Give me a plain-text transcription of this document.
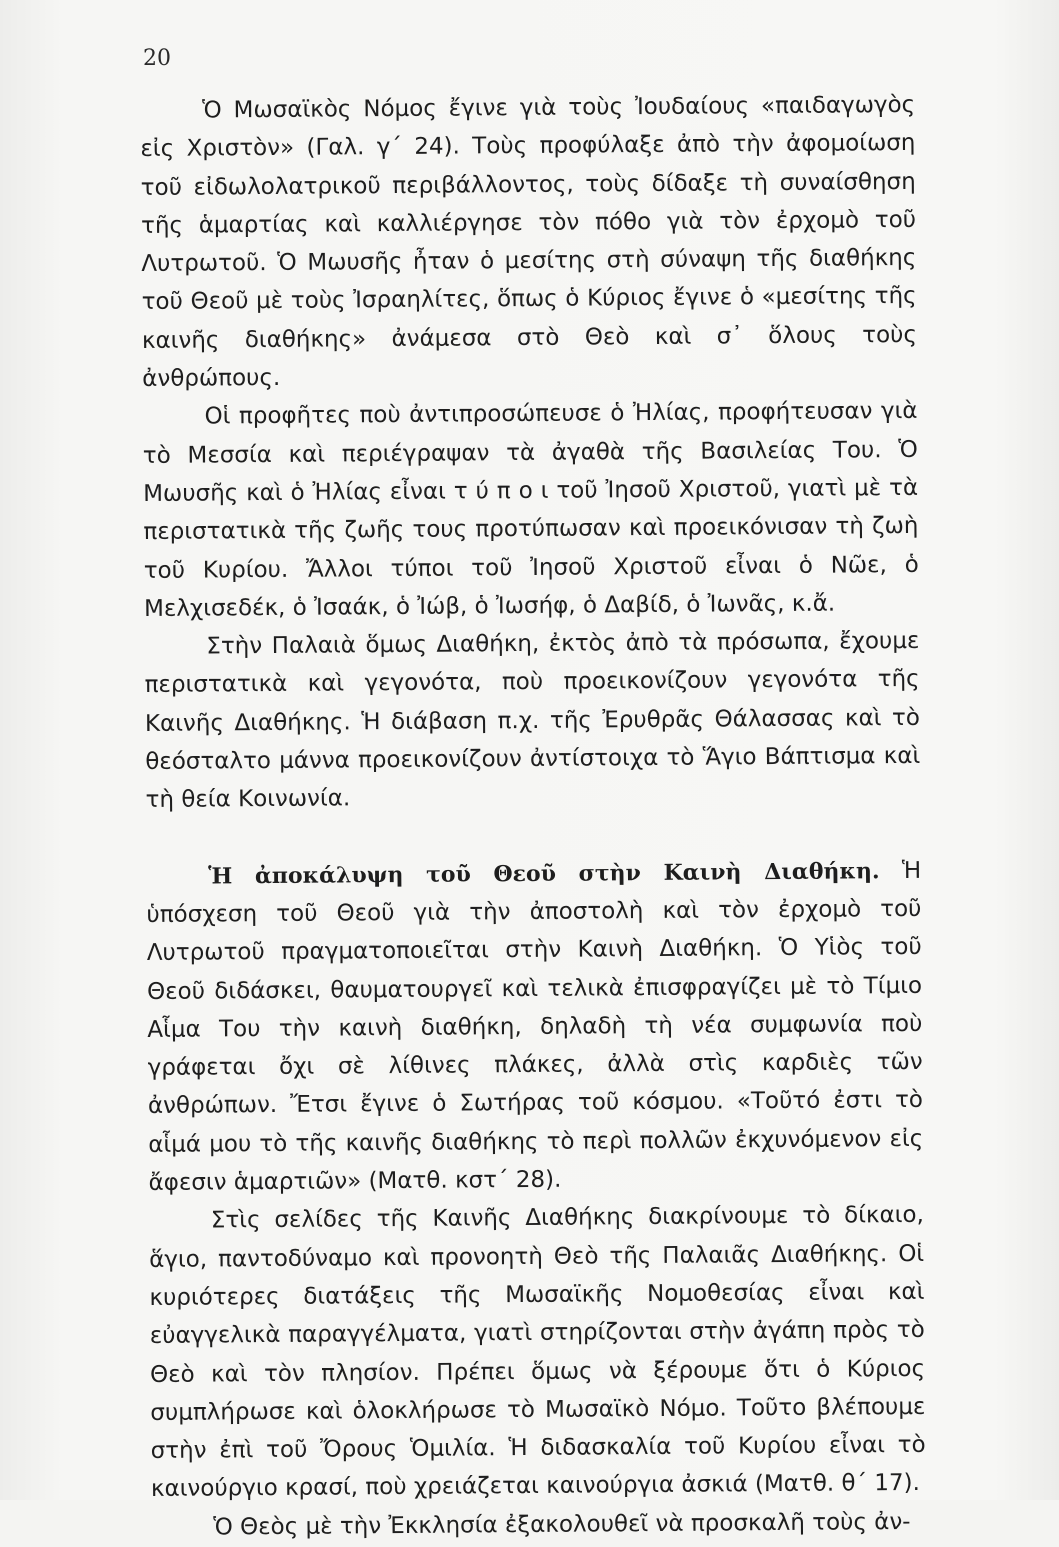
20

Ὁ Μωσαϊκὸς Νόμος ἔγινε γιὰ τοὺς Ἰουδαίους «παιδαγωγὸς εἰς Χριστὸν» (Γαλ. γ΄ 24). Τοὺς προφύλαξε ἀπὸ τὴν ἀφομοίωση τοῦ εἰδωλολατρικοῦ περιβάλλοντος, τοὺς δίδαξε τὴ συναίσθηση τῆς ἁμαρτίας καὶ καλλιέργησε τὸν πόθο γιὰ τὸν ἐρχομὸ τοῦ Λυτρωτοῦ. Ὁ Μωυσῆς ἦταν ὁ μεσίτης στὴ σύναψη τῆς διαθήκης τοῦ Θεοῦ μὲ τοὺς Ἰσραηλίτες, ὅπως ὁ Κύριος ἔγινε ὁ «μεσίτης τῆς καινῆς διαθήκης» ἀνάμεσα στὸ Θεὸ καὶ σ᾿ ὅλους τοὺς ἀνθρώπους.

Οἱ προφῆτες ποὺ ἀντιπροσώπευσε ὁ Ἠλίας, προφήτευσαν γιὰ τὸ Μεσσία καὶ περιέγραψαν τὰ ἀγαθὰ τῆς Βασιλείας Του. Ὁ Μωυσῆς καὶ ὁ Ἠλίας εἶναι τ ύ π ο ι τοῦ Ἰησοῦ Χριστοῦ, γιατὶ μὲ τὰ περιστατικὰ τῆς ζωῆς τους προτύπωσαν καὶ προεικόνισαν τὴ ζωὴ τοῦ Κυρίου. Ἄλλοι τύποι τοῦ Ἰησοῦ Χριστοῦ εἶναι ὁ Νῶε, ὁ Μελχισεδέκ, ὁ Ἰσαάκ, ὁ Ἰώβ, ὁ Ἰωσήφ, ὁ Δαβίδ, ὁ Ἰωνᾶς, κ.ἄ.

Στὴν Παλαιὰ ὅμως Διαθήκη, ἐκτὸς ἀπὸ τὰ πρόσωπα, ἔχουμε περιστατικὰ καὶ γεγονότα, ποὺ προεικονίζουν γεγονότα τῆς Καινῆς Διαθήκης. Ἡ διάβαση π.χ. τῆς Ἐρυθρᾶς Θάλασσας καὶ τὸ θεόσταλτο μάννα προεικονίζουν ἀντίστοιχα τὸ Ἅγιο Βάπτισμα καὶ τὴ θεία Κοινωνία.

Ἡ ἀποκάλυψη τοῦ Θεοῦ στὴν Καινὴ Διαθήκη. Ἡ ὑπόσχεση τοῦ Θεοῦ γιὰ τὴν ἀποστολὴ καὶ τὸν ἐρχομὸ τοῦ Λυτρωτοῦ πραγματοποιεῖται στὴν Καινὴ Διαθήκη. Ὁ Υἱὸς τοῦ Θεοῦ διδάσκει, θαυματουργεῖ καὶ τελικὰ ἐπισφραγίζει μὲ τὸ Τίμιο Αἷμα Του τὴν καινὴ διαθήκη, δηλαδὴ τὴ νέα συμφωνία ποὺ γράφεται ὄχι σὲ λίθινες πλάκες, ἀλλὰ στὶς καρδιὲς τῶν ἀνθρώπων. Ἔτσι ἔγινε ὁ Σωτήρας τοῦ κόσμου. «Τοῦτό ἐστι τὸ αἷμά μου τὸ τῆς καινῆς διαθήκης τὸ περὶ πολλῶν ἐκχυνόμενον εἰς ἄφεσιν ἁμαρτιῶν» (Ματθ. κστ΄ 28).

Στὶς σελίδες τῆς Καινῆς Διαθήκης διακρίνουμε τὸ δίκαιο, ἅγιο, παντοδύναμο καὶ προνοητὴ Θεὸ τῆς Παλαιᾶς Διαθήκης. Οἱ κυριότερες διατάξεις τῆς Μωσαϊκῆς Νομοθεσίας εἶναι καὶ εὐαγγελικὰ παραγγέλματα, γιατὶ στηρίζονται στὴν ἀγάπη πρὸς τὸ Θεὸ καὶ τὸν πλησίον. Πρέπει ὅμως νὰ ξέρουμε ὅτι ὁ Κύριος συμπλήρωσε καὶ ὁλοκλήρωσε τὸ Μωσαϊκὸ Νόμο. Τοῦτο βλέπουμε στὴν ἐπὶ τοῦ Ὄρους Ὁμιλία. Ἡ διδασκαλία τοῦ Κυρίου εἶναι τὸ καινούργιο κρασί, ποὺ χρειάζεται καινούργια ἀσκιά (Ματθ. θ΄ 17).

Ὁ Θεὸς μὲ τὴν Ἐκκλησία ἐξακολουθεῖ νὰ προσκαλῆ τοὺς ἀν-
